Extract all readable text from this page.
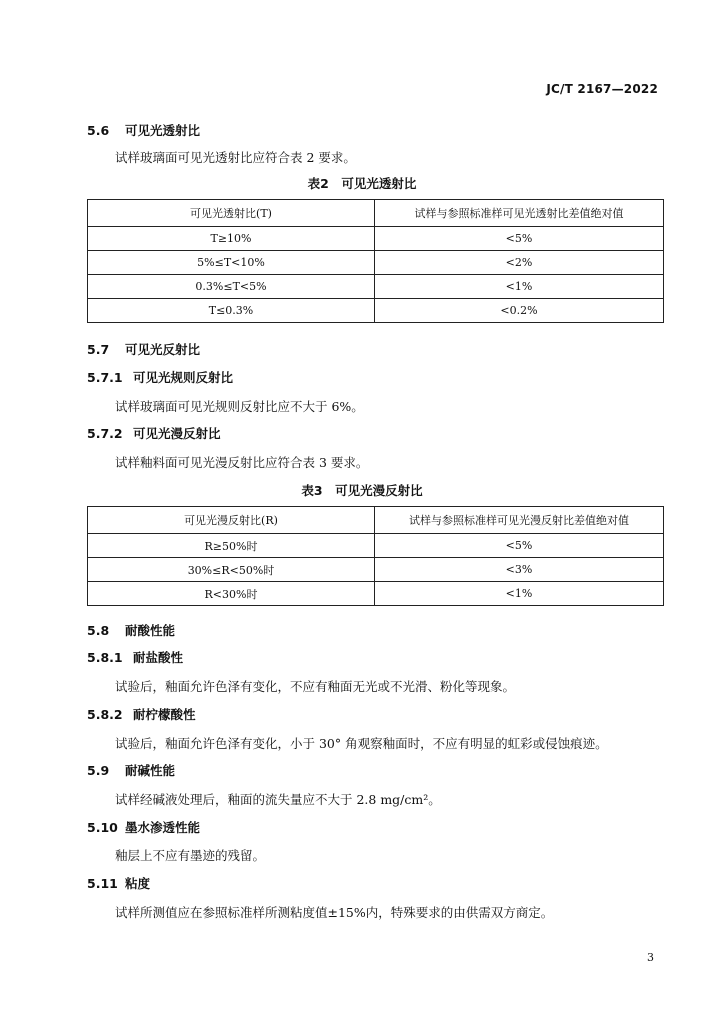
JC/T 2167—2022
5.6 可见光透射比
试样玻璃面可见光透射比应符合表 2 要求。
表2　可见光透射比
可见光透射比(T)	试样与参照标准样可见光透射比差值绝对值
T≥10%	<5%
5%≤T<10%	<2%
0.3%≤T<5%	<1%
T≤0.3%	<0.2%
5.7 可见光反射比
5.7.1 可见光规则反射比
试样玻璃面可见光规则反射比应不大于 6%。
5.7.2 可见光漫反射比
试样釉料面可见光漫反射比应符合表 3 要求。
表3　可见光漫反射比
可见光漫反射比(R)	试样与参照标准样可见光漫反射比差值绝对值
R≥50%时	<5%
30%≤R<50%时	<3%
R<30%时	<1%
5.8 耐酸性能
5.8.1 耐盐酸性
试验后，釉面允许色泽有变化，不应有釉面无光或不光滑、粉化等现象。
5.8.2 耐柠檬酸性
试验后，釉面允许色泽有变化，小于 30° 角观察釉面时，不应有明显的虹彩或侵蚀痕迹。
5.9 耐碱性能
试样经碱液处理后，釉面的流失量应不大于 2.8 mg/cm²。
5.10 墨水渗透性能
釉层上不应有墨迹的残留。
5.11 粘度
试样所测值应在参照标准样所测粘度值±15%内，特殊要求的由供需双方商定。
3
